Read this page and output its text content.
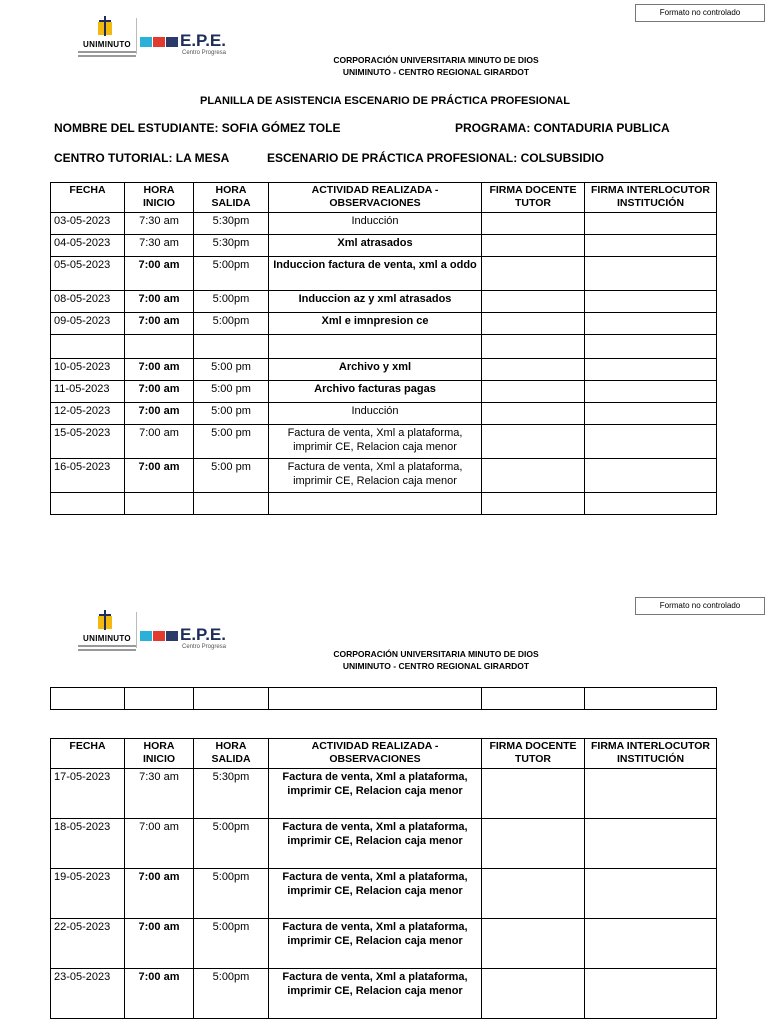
Formato no controlado
UNIMINUTO	E.P.E.
Centro Progresa
CORPORACIÓN UNIVERSITARIA MINUTO DE DIOS
UNIMINUTO - CENTRO REGIONAL GIRARDOT
PLANILLA DE ASISTENCIA ESCENARIO DE PRÁCTICA PROFESIONAL
NOMBRE DEL ESTUDIANTE: SOFIA GÓMEZ TOLE	PROGRAMA: CONTADURIA PUBLICA
CENTRO TUTORIAL: LA MESA	ESCENARIO DE PRÁCTICA PROFESIONAL: COLSUBSIDIO
FECHA	HORA INICIO	HORA SALIDA	ACTIVIDAD REALIZADA - OBSERVACIONES	FIRMA DOCENTE TUTOR	FIRMA INTERLOCUTOR INSTITUCIÓN
03-05-2023	7:30 am	5:30pm	Inducción		
04-05-2023	7:30 am	5:30pm	Xml atrasados		
05-05-2023	7:00 am	5:00pm	Induccion factura de venta, xml a oddo		
08-05-2023	7:00 am	5:00pm	Induccion az y xml atrasados		
09-05-2023	7:00 am	5:00pm	Xml e imnpresion ce		

10-05-2023	7:00 am	5:00 pm	Archivo y xml		
11-05-2023	7:00 am	5:00 pm	Archivo facturas pagas		
12-05-2023	7:00 am	5:00 pm	Inducción		
15-05-2023	7:00 am	5:00 pm	Factura de venta, Xml a plataforma, imprimir CE, Relacion caja menor		
16-05-2023	7:00 am	5:00 pm	Factura de venta, Xml a plataforma, imprimir CE, Relacion caja menor		

Formato no controlado
UNIMINUTO	E.P.E.
Centro Progresa
CORPORACIÓN UNIVERSITARIA MINUTO DE DIOS
UNIMINUTO - CENTRO REGIONAL GIRARDOT

FECHA	HORA INICIO	HORA SALIDA	ACTIVIDAD REALIZADA - OBSERVACIONES	FIRMA DOCENTE TUTOR	FIRMA INTERLOCUTOR INSTITUCIÓN
17-05-2023	7:30 am	5:30pm	Factura de venta, Xml a plataforma, imprimir CE, Relacion caja menor		
18-05-2023	7:00 am	5:00pm	Factura de venta, Xml a plataforma, imprimir CE, Relacion caja menor		
19-05-2023	7:00 am	5:00pm	Factura de venta, Xml a plataforma, imprimir CE, Relacion caja menor		
22-05-2023	7:00 am	5:00pm	Factura de venta, Xml a plataforma, imprimir CE, Relacion caja menor		
23-05-2023	7:00 am	5:00pm	Factura de venta, Xml a plataforma, imprimir CE, Relacion caja menor		
